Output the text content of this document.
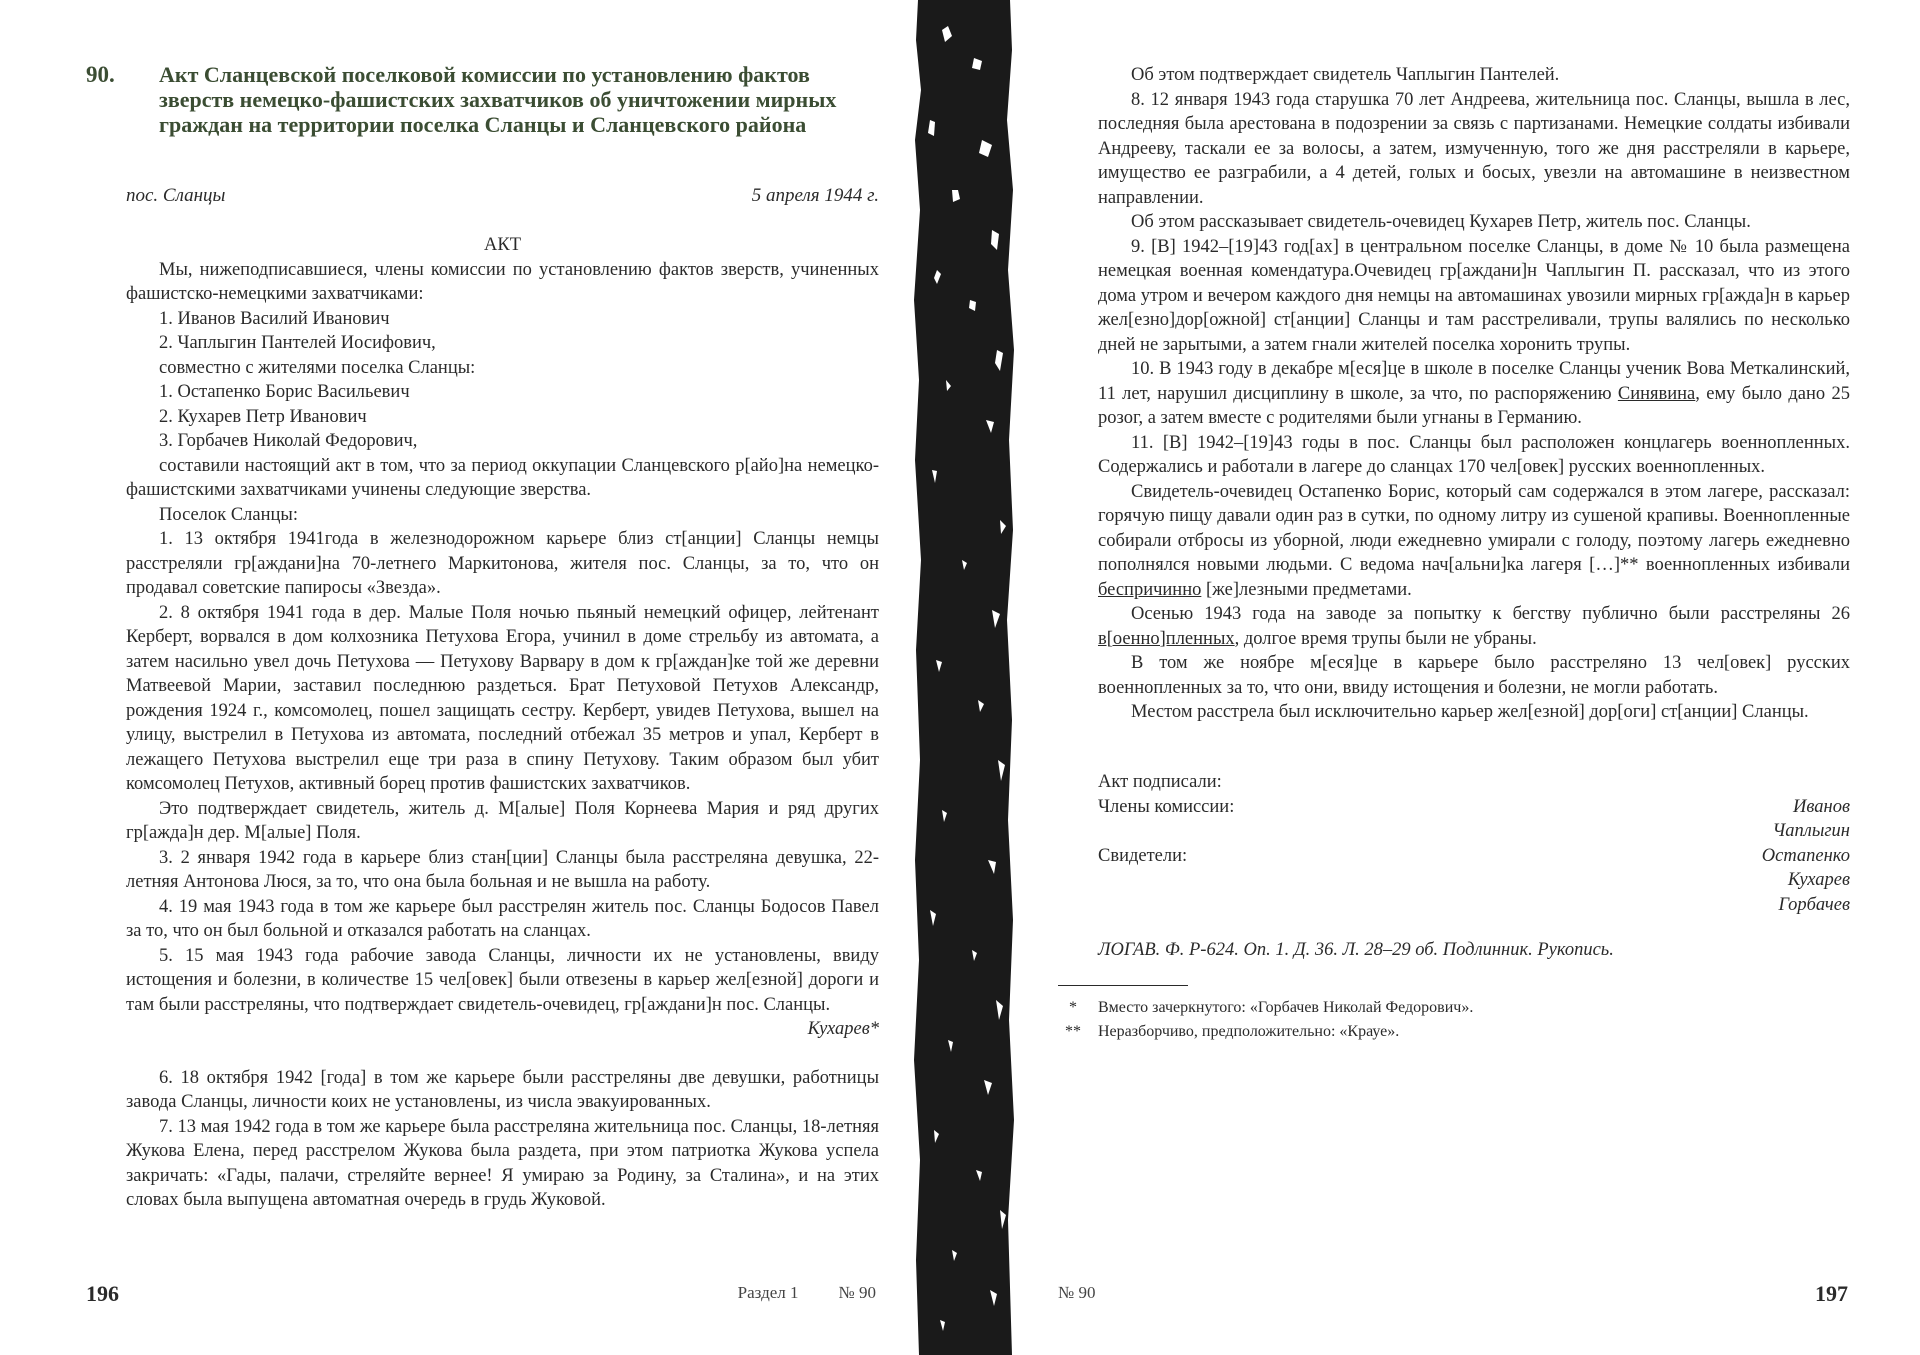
90. Акт Сланцевской поселковой комиссии по установлению фактов зверств немецко-фашистских захватчиков об уничтожении мирных граждан на территории поселка Сланцы и Сланцевского района
пос. Сланцы	5 апреля 1944 г.

АКТ

Мы, нижеподписавшиеся, члены комиссии по установлению фактов зверств, учиненных фашистско-немецкими захватчиками:

1. Иванов Василий Иванович

2. Чаплыгин Пантелей Иосифович,

совместно с жителями поселка Сланцы:

1. Остапенко Борис Васильевич

2. Кухарев Петр Иванович

3. Горбачев Николай Федорович,

составили настоящий акт в том, что за период оккупации Сланцевского р[айо]на немецко-фашистскими захватчиками учинены следующие зверства.

Поселок Сланцы:

1. 13 октября 1941года в железнодорожном карьере близ ст[анции] Сланцы немцы расстреляли гр[аждани]на 70-летнего Маркитонова, жителя пос. Сланцы, за то, что он продавал советские папиросы «Звезда».

2. 8 октября 1941 года в дер. Малые Поля ночью пьяный немецкий офицер, лейтенант Керберт, ворвался в дом колхозника Петухова Егора, учинил в доме стрельбу из автомата, а затем насильно увел дочь Петухова — Петухову Варвару в дом к гр[аждан]ке той же деревни Матвеевой Марии, заставил последнюю раздеться. Брат Петуховой Петухов Александр, рождения 1924 г., комсомолец, пошел защищать сестру. Керберт, увидев Петухова, вышел на улицу, выстрелил в Петухова из автомата, последний отбежал 35 метров и упал, Керберт в лежащего Петухова выстрелил еще три раза в спину Петухову. Таким образом был убит комсомолец Петухов, активный борец против фашистских захватчиков.

Это подтверждает свидетель, житель д. М[алые] Поля Корнеева Мария и ряд других гр[ажда]н дер. М[алые] Поля.

3. 2 января 1942 года в карьере близ стан[ции] Сланцы была расстреляна девушка, 22-летняя Антонова Люся, за то, что она была больная и не вышла на работу.

4. 19 мая 1943 года в том же карьере был расстрелян житель пос. Сланцы Бодосов Павел за то, что он был больной и отказался работать на сланцах.

5. 15 мая 1943 года рабочие завода Сланцы, личности их не установлены, ввиду истощения и болезни, в количестве 15 чел[овек] были отвезены в карьер жел[езной] дороги и там были расстреляны, что подтверждает свидетель-очевидец, гр[аждани]н пос. Сланцы.

Кухарев*

6. 18 октября 1942 [года] в том же карьере были расстреляны две девушки, работницы завода Сланцы, личности коих не установлены, из числа эвакуированных.

7. 13 мая 1942 года в том же карьере была расстреляна жительница пос. Сланцы, 18-летняя Жукова Елена, перед расстрелом Жукова была раздета, при этом патриотка Жукова успела закричать: «Гады, палачи, стреляйте вернее! Я умираю за Родину, за Сталина», и на этих словах была выпущена автоматная очередь в грудь Жуковой.

196	Раздел 1 № 90

Об этом подтверждает свидетель Чаплыгин Пантелей.

8. 12 января 1943 года старушка 70 лет Андреева, жительница пос. Сланцы, вышла в лес, последняя была арестована в подозрении за связь с партизанами. Немецкие солдаты избивали Андрееву, таскали ее за волосы, а затем, измученную, того же дня расстреляли в карьере, имущество ее разграбили, а 4 детей, голых и босых, увезли на автомашине в неизвестном направлении.

Об этом рассказывает свидетель-очевидец Кухарев Петр, житель пос. Сланцы.

9. [В] 1942–[19]43 год[ах] в центральном поселке Сланцы, в доме № 10 была размещена немецкая военная комендатура.Очевидец гр[аждани]н Чаплыгин П. рассказал, что из этого дома утром и вечером каждого дня немцы на автомашинах увозили мирных гр[ажда]н в карьер жел[езно]дор[ожной] ст[анции] Сланцы и там расстреливали, трупы валялись по несколько дней не зарытыми, а затем гнали жителей поселка хоронить трупы.

10. В 1943 году в декабре м[еся]це в школе в поселке Сланцы ученик Вова Меткалинский, 11 лет, нарушил дисциплину в школе, за что, по распоряжению Синявина, ему было дано 25 розог, а затем вместе с родителями были угнаны в Германию.

11. [В] 1942–[19]43 годы в пос. Сланцы был расположен концлагерь военнопленных. Содержались и работали в лагере до сланцах 170 чел[овек] русских военнопленных.

Свидетель-очевидец Остапенко Борис, который сам содержался в этом лагере, рассказал: горячую пищу давали один раз в сутки, по одному литру из сушеной крапивы. Военнопленные собирали отбросы из уборной, люди ежедневно умирали с голоду, поэтому лагерь ежедневно пополнялся новыми людьми. С ведома нач[альни]ка лагеря […]** военнопленных избивали беспричинно [же]лезными предметами.

Осенью 1943 года на заводе за попытку к бегству публично были расстреляны 26 в[оенно]пленных, долгое время трупы были не убраны.

В том же ноябре м[еся]це в карьере было расстреляно 13 чел[овек] русских военнопленных за то, что они, ввиду истощения и болезни, не могли работать.

Местом расстрела был исключительно карьер жел[езной] дор[оги] ст[анции] Сланцы.

Акт подписали:
Члены комиссии:	Иванов
Чаплыгин
Свидетели:	Остапенко
Кухарев
Горбачев
ЛОГАВ. Ф. Р-624. Оп. 1. Д. 36. Л. 28–29 об. Подлинник. Рукопись.
*	Вместо зачеркнутого: «Горбачев Николай Федорович».
**	Неразборчиво, предположительно: «Крауе».
№ 90	197
